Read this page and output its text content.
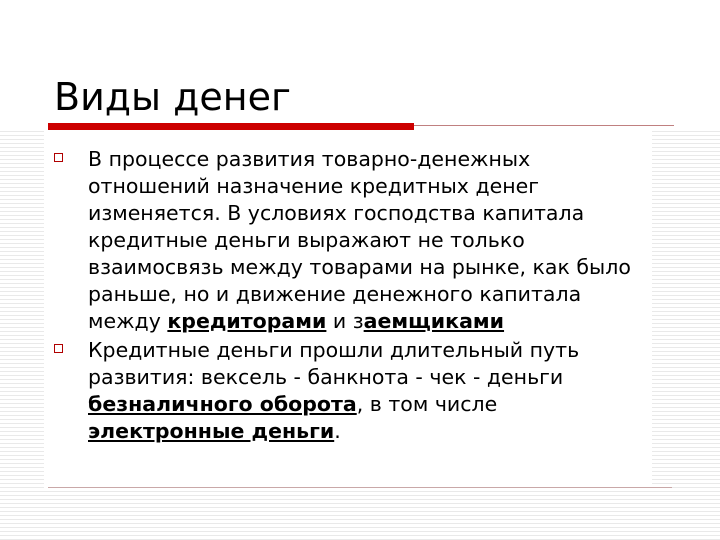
Виды денег
В процессе развития товарно-денежных отношений назначение кредитных денег изменяется. В условиях господства капитала кредитные деньги выражают не только взаимосвязь между товарами на рынке, как было раньше, но и движение денежного капитала между кредиторами и заемщиками
Кредитные деньги прошли длительный путь развития: вексель - банкнота - чек - деньги безналичного оборота, в том числе электронные деньги.
